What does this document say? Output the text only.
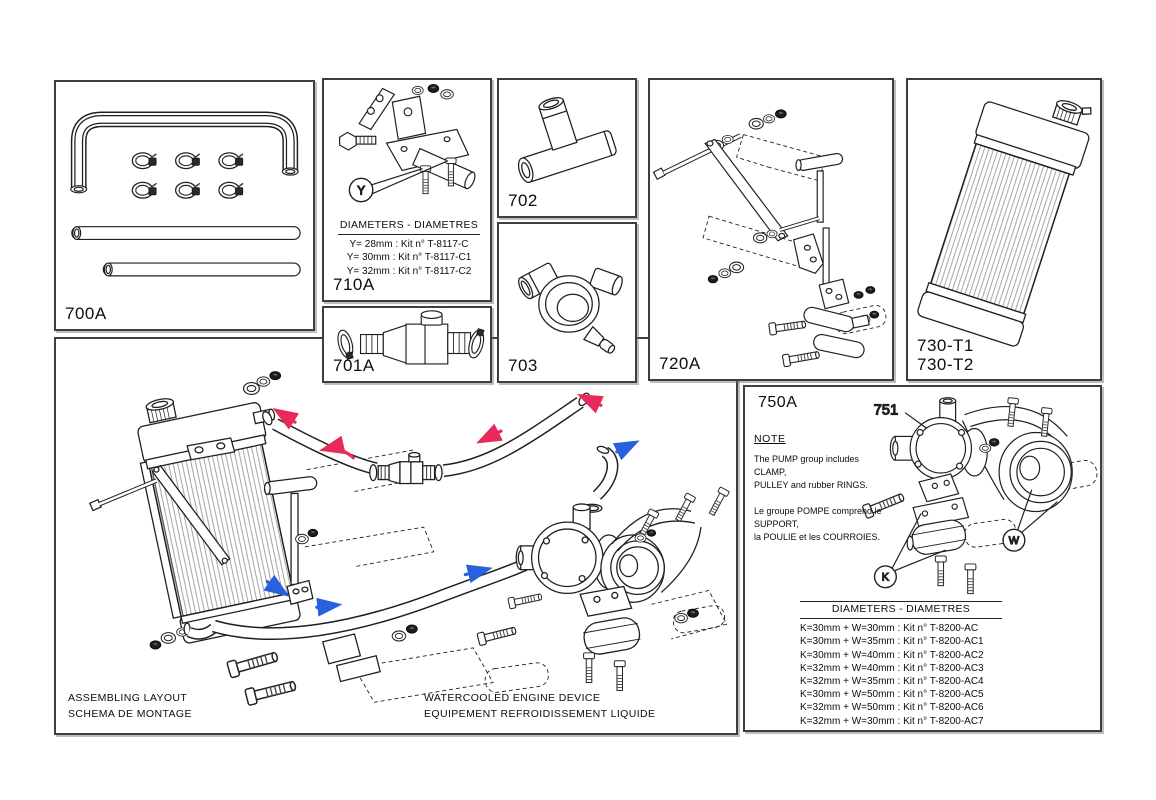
ASSEMBLING LAYOUT
SCHEMA DE MONTAGE
WATERCOOLED ENGINE DEVICE
EQUIPEMENT REFROIDISSEMENT LIQUIDE
700A
Y
DIAMETERS - DIAMETRES
Y= 28mm : Kit n° T-8117-C
Y= 30mm : Kit n° T-8117-C1
Y= 32mm : Kit n° T-8117-C2
710A
701A
702
703	720A
730-T1
730-T2
751
K
W
750A
NOTE
The PUMP group includes CLAMP,
PULLEY and rubber RINGS.
Le groupe POMPE comprend le
SUPPORT,
la POULIE et les COURROIES.
DIAMETERS - DIAMETRES
K=30mm + W=30mm : Kit n° T-8200-AC
K=30mm + W=35mm : Kit n° T-8200-AC1
K=30mm + W=40mm : Kit n° T-8200-AC2
K=32mm + W=40mm : Kit n° T-8200-AC3
K=32mm + W=35mm : Kit n° T-8200-AC4
K=30mm + W=50mm : Kit n° T-8200-AC5
K=32mm + W=50mm : Kit n° T-8200-AC6
K=32mm + W=30mm : Kit n° T-8200-AC7
